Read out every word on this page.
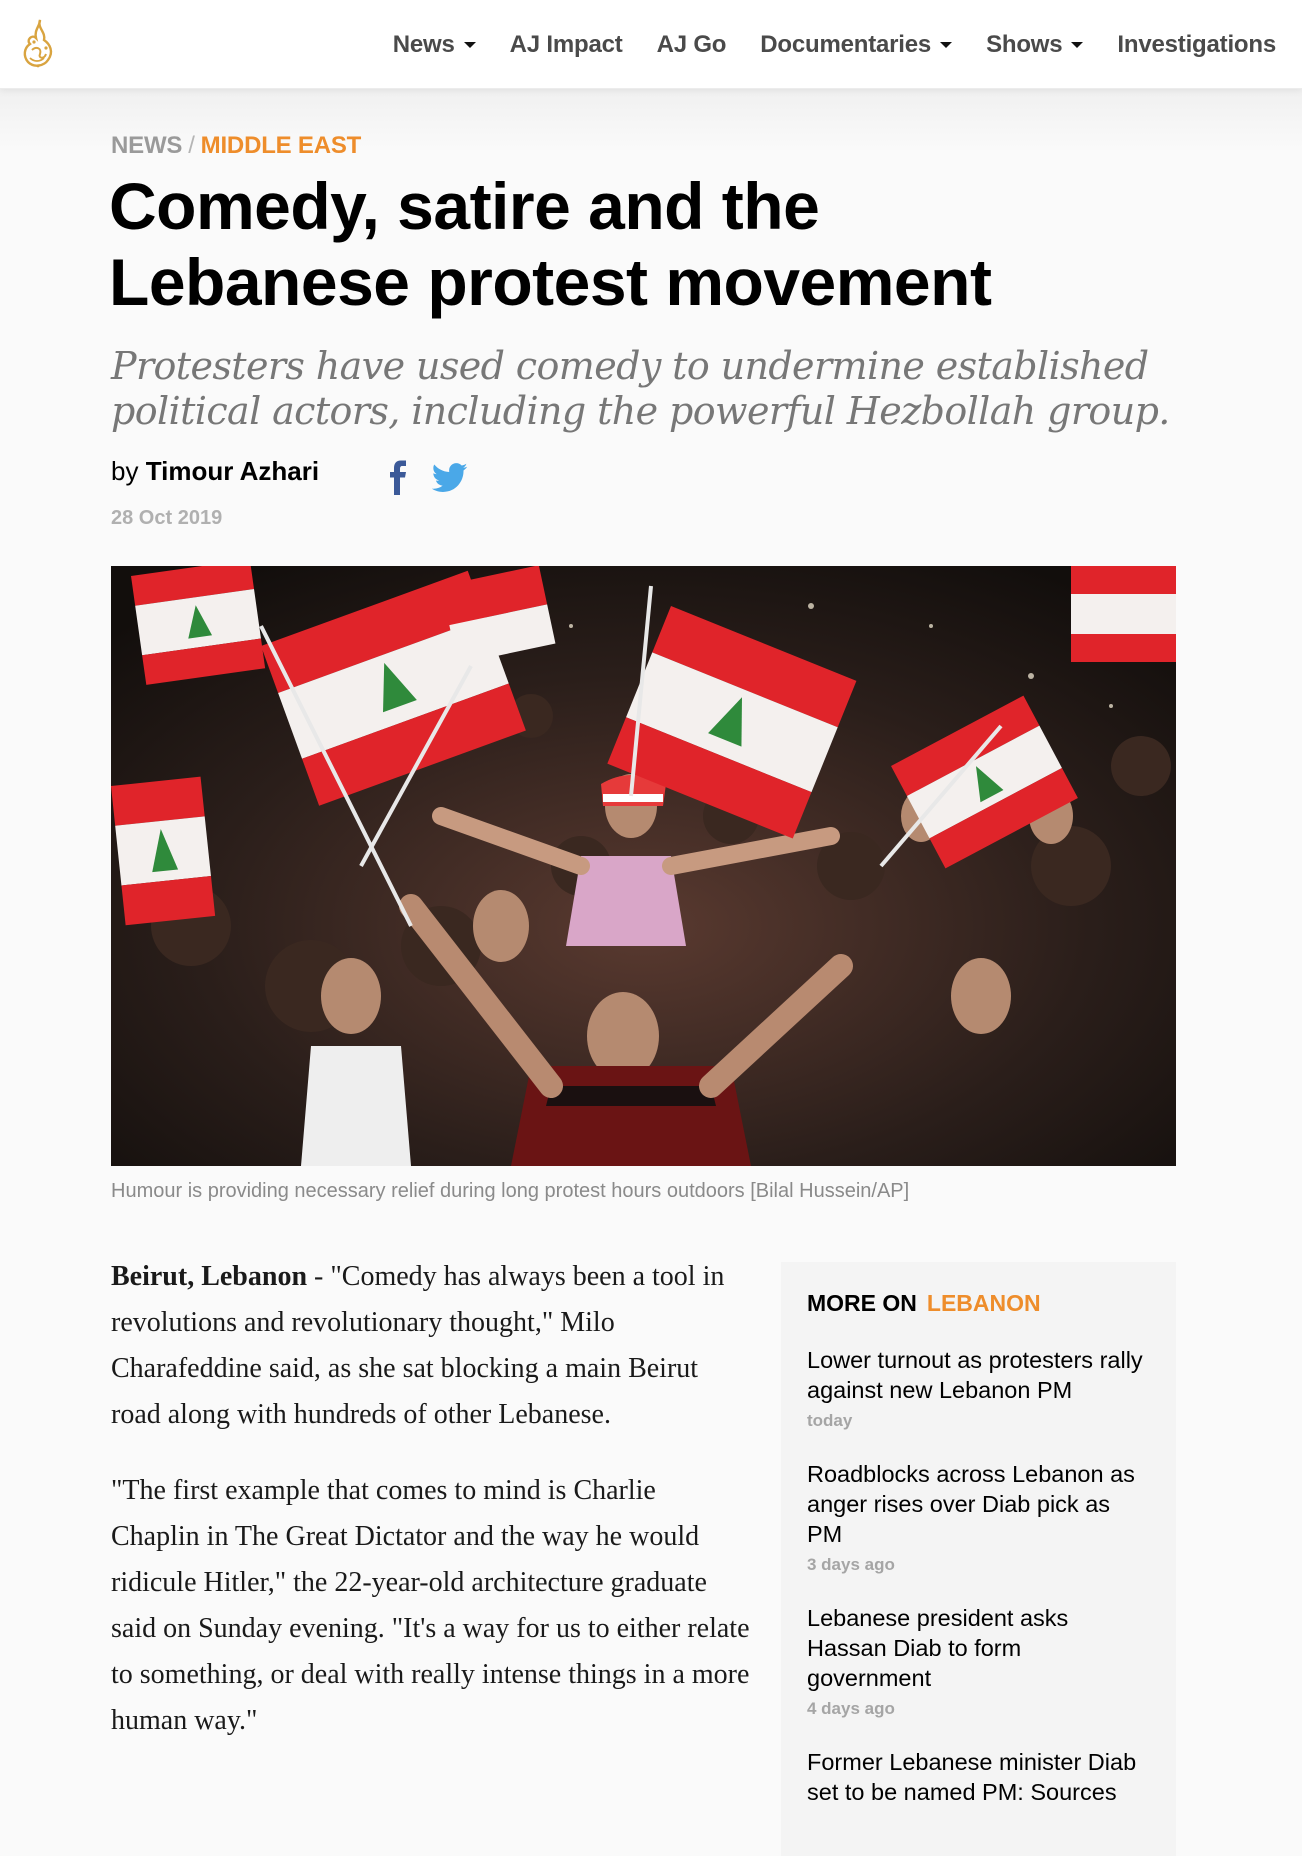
News AJ Impact AJ Go Documentaries Shows Investigations
NEWS / MIDDLE EAST
Comedy, satire and the
Lebanese protest movement
Protesters have used comedy to undermine established political actors, including the powerful Hezbollah group.
by Timour Azhari
28 Oct 2019
Humour is providing necessary relief during long protest hours outdoors [Bilal Hussein/AP]

Beirut, Lebanon - "Comedy has always been a tool in revolutions and revolutionary thought," Milo Charafeddine said, as she sat blocking a main Beirut road along with hundreds of other Lebanese.

"The first example that comes to mind is Charlie Chaplin in The Great Dictator and the way he would ridicule Hitler," the 22-year-old architecture graduate said on Sunday evening. "It's a way for us to either relate to something, or deal with really intense things in a more human way."

MORE ON LEBANON
Lower turnout as protesters rally against new Lebanon PM
today
Roadblocks across Lebanon as anger rises over Diab pick as PM
3 days ago
Lebanese president asks Hassan Diab to form government
4 days ago
Former Lebanese minister Diab set to be named PM: Sources
